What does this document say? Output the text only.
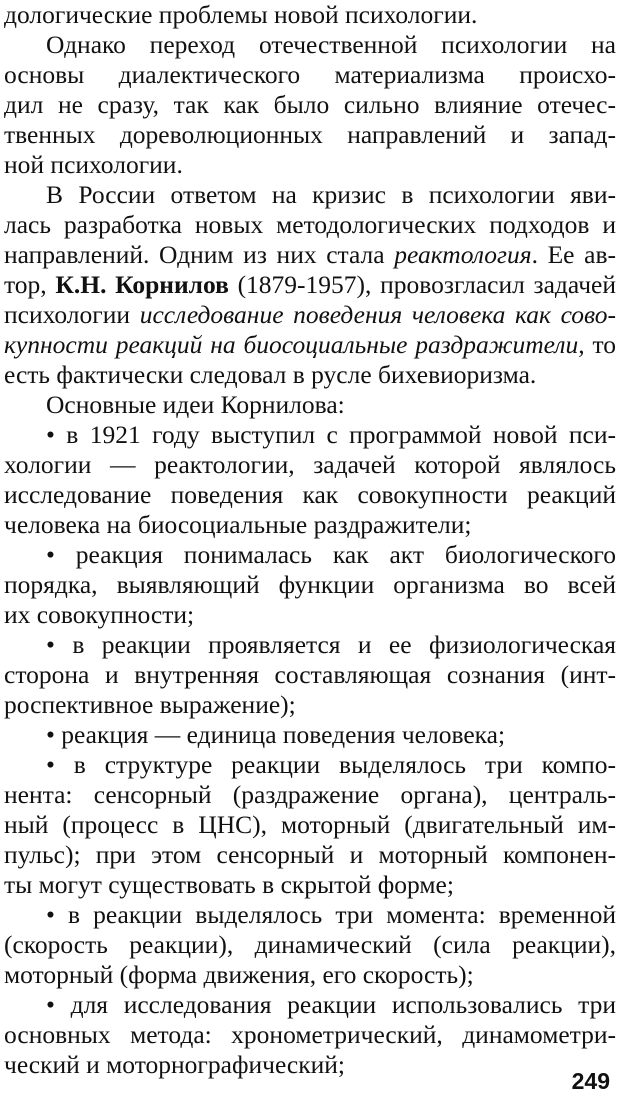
дологические проблемы новой психологии.
Однако переход отечественной психологии на
основы диалектического материализма происхо-
дил не сразу, так как было сильно влияние отечес-
твенных дореволюционных направлений и запад-
ной психологии.
В России ответом на кризис в психологии яви-
лась разработка новых методологических подходов и
направлений. Одним из них стала реактология. Ее ав-
тор, К.Н. Корнилов (1879-1957), провозгласил задачей
психологии исследование поведения человека как сово-
купности реакций на биосоциальные раздражители, то
есть фактически следовал в русле бихевиоризма.
Основные идеи Корнилова:
• в 1921 году выступил с программой новой пси-
хологии — реактологии, задачей которой являлось
исследование поведения как совокупности реакций
человека на биосоциальные раздражители;
• реакция понималась как акт биологического
порядка, выявляющий функции организма во всей
их совокупности;
• в реакции проявляется и ее физиологическая
сторона и внутренняя составляющая сознания (инт-
роспективное выражение);
• реакция — единица поведения человека;
• в структуре реакции выделялось три компо-
нента: сенсорный (раздражение органа), централь-
ный (процесс в ЦНС), моторный (двигательный им-
пульс); при этом сенсорный и моторный компонен-
ты могут существовать в скрытой форме;
• в реакции выделялось три момента: временной
(скорость реакции), динамический (сила реакции),
моторный (форма движения, его скорость);
• для исследования реакции использовались три
основных метода: хронометрический, динамометри-
ческий и моторнографический;
249
